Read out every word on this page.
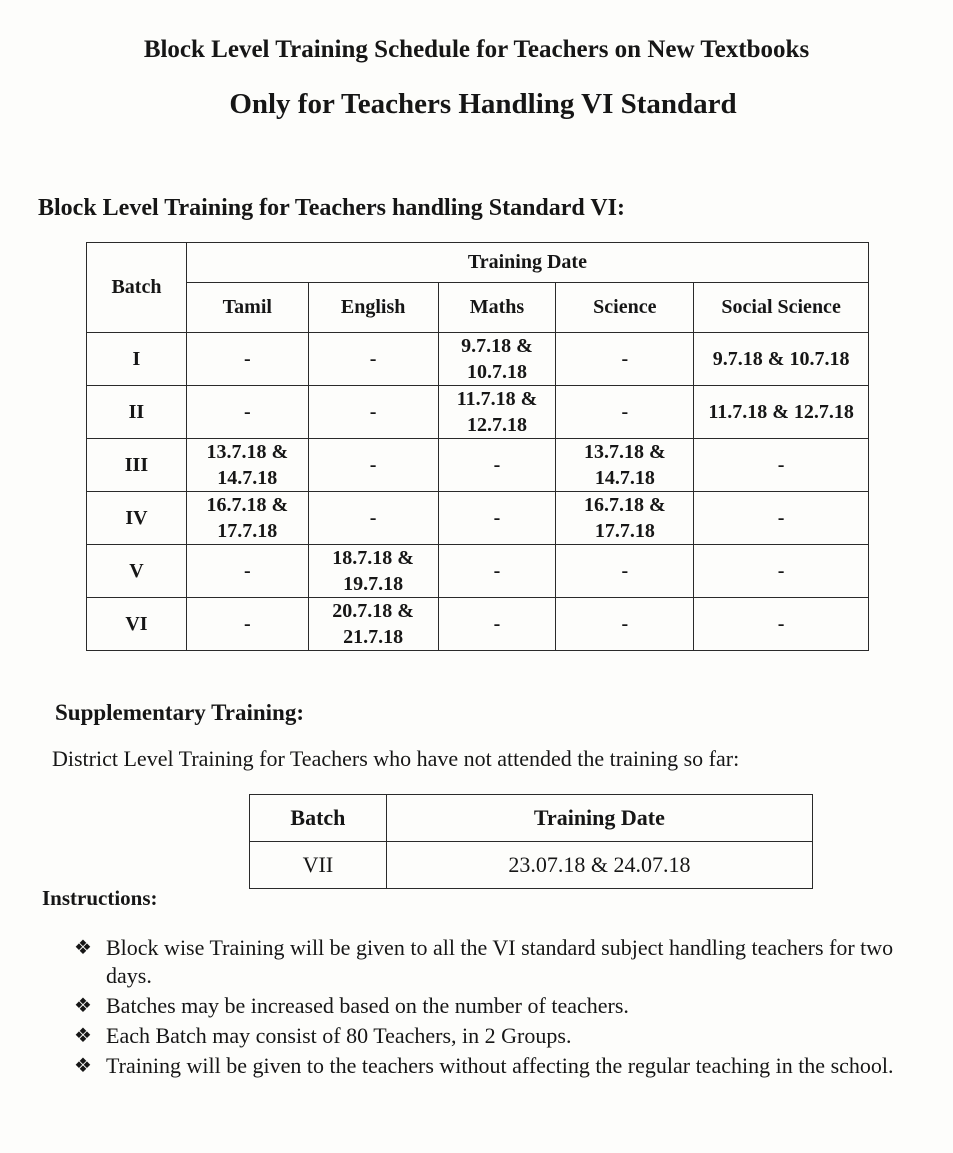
Block Level Training Schedule for Teachers on New Textbooks
Only for Teachers Handling VI Standard
Block Level Training for Teachers handling Standard VI:
Batch	Training Date				
	Tamil	English	Maths	Science	Social Science
I	-	-	9.7.18 & 10.7.18	-	9.7.18 & 10.7.18
II	-	-	11.7.18 & 12.7.18	-	11.7.18 & 12.7.18
III	13.7.18 & 14.7.18	-	-	13.7.18 & 14.7.18	-
IV	16.7.18 & 17.7.18	-	-	16.7.18 & 17.7.18	-
V	-	18.7.18 & 19.7.18	-	-	-
VI	-	20.7.18 & 21.7.18	-	-	-
Supplementary Training:
District Level Training for Teachers who have not attended the training so far:
Batch	Training Date
VII	23.07.18 & 24.07.18
Instructions:
❖ Block wise Training will be given to all the VI standard subject handling teachers for two days.
❖ Batches may be increased based on the number of teachers.
❖ Each Batch may consist of 80 Teachers, in 2 Groups.
❖ Training will be given to the teachers without affecting the regular teaching in the school.
